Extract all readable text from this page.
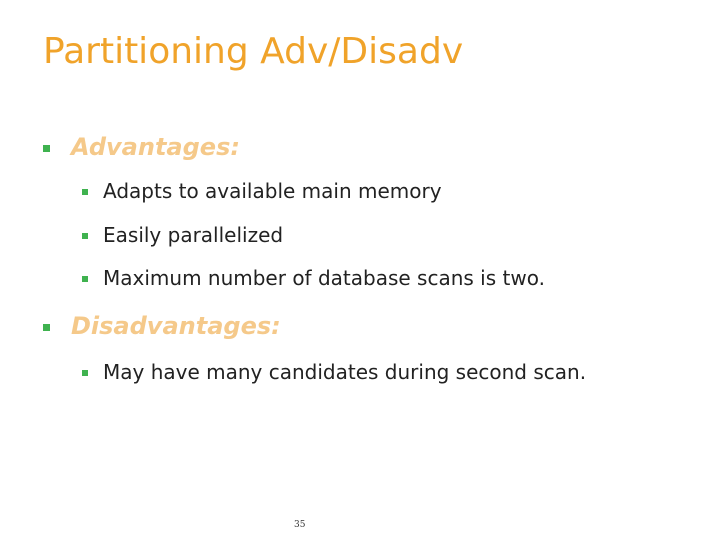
Partitioning Adv/Disadv
Advantages:
Adapts to available main memory
Easily parallelized
Maximum number of database scans is two.
Disadvantages:
May have many candidates during second scan.
35
